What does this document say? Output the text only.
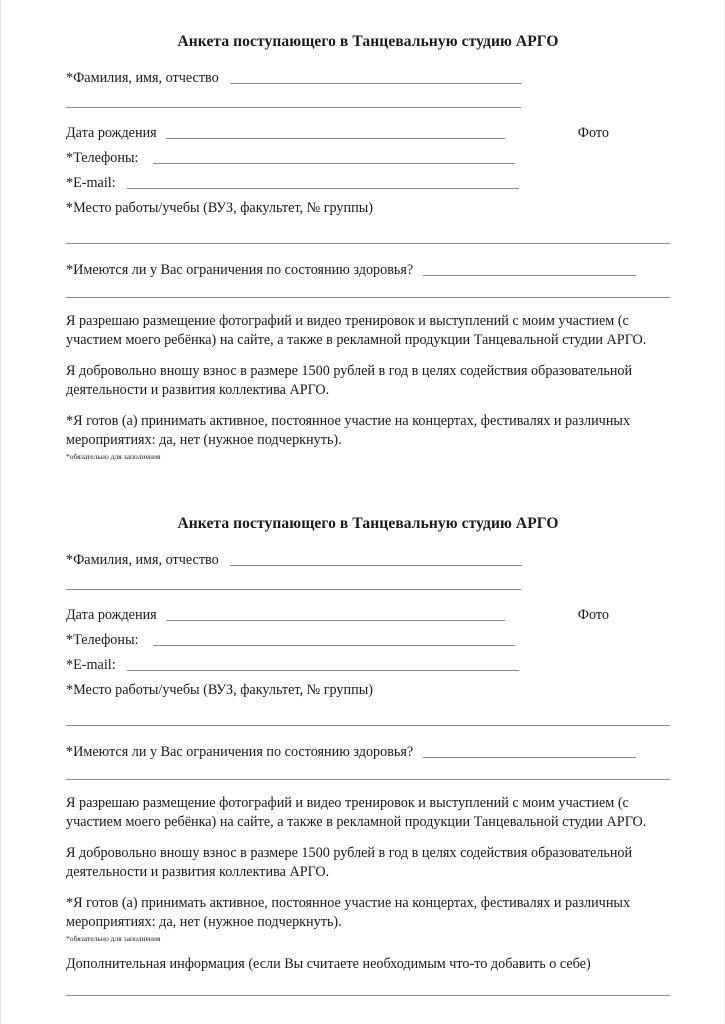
Анкета поступающего в Танцевальную студию АРГО
*Фамилия, имя, отчество
Дата рождения	Фото
*Телефоны:
*E-mail:
*Место работы/учебы (ВУЗ, факультет, № группы)
*Имеются ли у Вас ограничения по состоянию здоровья?

Я разрешаю размещение фотографий и видео тренировок и выступлений с моим участием (с участием моего ребёнка) на сайте, а также в рекламной продукции Танцевальной студии АРГО.

Я добровольно вношу взнос в размере 1500 рублей в год в целях содействия образовательной деятельности и развития коллектива АРГО.

*Я готов (а) принимать активное, постоянное участие на концертах, фестивалях и различных мероприятиях: да, нет (нужное подчеркнуть).

*обязательно для заполнения

Анкета поступающего в Танцевальную студию АРГО
*Фамилия, имя, отчество
Дата рождения	Фото
*Телефоны:
*E-mail:
*Место работы/учебы (ВУЗ, факультет, № группы)
*Имеются ли у Вас ограничения по состоянию здоровья?

Я разрешаю размещение фотографий и видео тренировок и выступлений с моим участием (с участием моего ребёнка) на сайте, а также в рекламной продукции Танцевальной студии АРГО.

Я добровольно вношу взнос в размере 1500 рублей в год в целях содействия образовательной деятельности и развития коллектива АРГО.

*Я готов (а) принимать активное, постоянное участие на концертах, фестивалях и различных мероприятиях: да, нет (нужное подчеркнуть).

*обязательно для заполнения

Дополнительная информация (если Вы считаете необходимым что-то добавить о себе)
